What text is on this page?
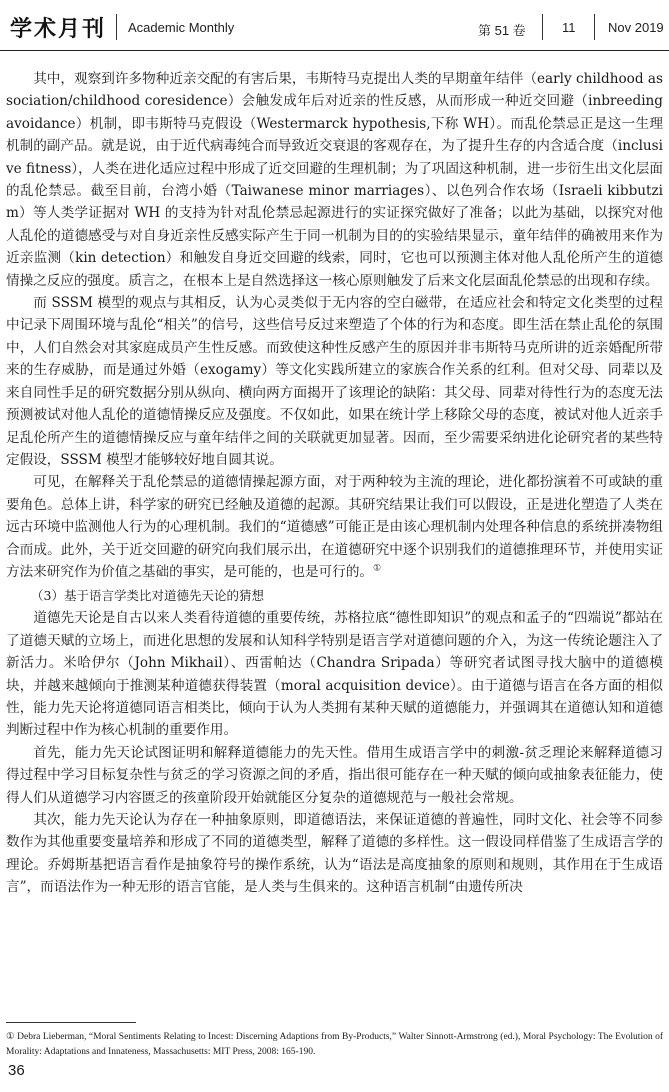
学术月刊 Academic Monthly	第 51 卷	11	Nov 2019

其中，观察到许多物种近亲交配的有害后果，韦斯特马克提出人类的早期童年结伴（early childhood association/childhood coresidence）会触发成年后对近亲的性反感，从而形成一种近交回避（inbreeding avoidance）机制，即韦斯特马克假设（Westermarck hypothesis,下称 WH）。而乱伦禁忌正是这一生理机制的副产品。就是说，由于近代病毒纯合而导致近交衰退的客观存在，为了提升生存的内含适合度（inclusive fitness），人类在进化适应过程中形成了近交回避的生理机制；为了巩固这种机制，进一步衍生出文化层面的乱伦禁忌。截至目前，台湾小婚（Taiwanese minor marriages）、以色列合作农场（Israeli kibbutzim）等人类学证据对 WH 的支持为针对乱伦禁忌起源进行的实证探究做好了准备；以此为基础，以探究对他人乱伦的道德感受与对自身近亲性反感实际产生于同一机制为目的的实验结果显示，童年结伴的确被用来作为近亲监测（kin detection）和触发自身近交回避的线索，同时，它也可以预测主体对他人乱伦所产生的道德情操之反应的强度。质言之，在根本上是自然选择这一核心原则触发了后来文化层面乱伦禁忌的出现和存续。

而 SSSM 模型的观点与其相反，认为心灵类似于无内容的空白磁带，在适应社会和特定文化类型的过程中记录下周围环境与乱伦“相关”的信号，这些信号反过来塑造了个体的行为和态度。即生活在禁止乱伦的氛围中，人们自然会对其家庭成员产生性反感。而致使这种性反感产生的原因并非韦斯特马克所讲的近亲婚配所带来的生存威胁，而是通过外婚（exogamy）等文化实践所建立的家族合作关系的红利。但对父母、同辈以及来自同性手足的研究数据分别从纵向、横向两方面揭开了该理论的缺陷：其父母、同辈对待性行为的态度无法预测被试对他人乱伦的道德情操反应及强度。不仅如此，如果在统计学上移除父母的态度，被试对他人近亲手足乱伦所产生的道德情操反应与童年结伴之间的关联就更加显著。因而，至少需要采纳进化论研究者的某些特定假设，SSSM 模型才能够较好地自圆其说。

可见，在解释关于乱伦禁忌的道德情操起源方面，对于两种较为主流的理论，进化都扮演着不可或缺的重要角色。总体上讲，科学家的研究已经触及道德的起源。其研究结果让我们可以假设，正是进化塑造了人类在远古环境中监测他人行为的心理机制。我们的“道德感”可能正是由该心理机制内处理各种信息的系统拼凑物组合而成。此外，关于近交回避的研究向我们展示出，在道德研究中逐个识别我们的道德推理环节，并使用实证方法来研究作为价值之基础的事实，是可能的，也是可行的。①

（3）基于语言学类比对道德先天论的猜想

道德先天论是自古以来人类看待道德的重要传统，苏格拉底“德性即知识”的观点和孟子的“四端说”都站在了道德天赋的立场上，而进化思想的发展和认知科学特别是语言学对道德问题的介入，为这一传统论题注入了新活力。米哈伊尔（John Mikhail）、西雷帕达（Chandra Sripada）等研究者试图寻找大脑中的道德模块，并越来越倾向于推测某种道德获得装置（moral acquisition device）。由于道德与语言在各方面的相似性，能力先天论将道德同语言相类比，倾向于认为人类拥有某种天赋的道德能力，并强调其在道德认知和道德判断过程中作为核心机制的重要作用。

首先，能力先天论试图证明和解释道德能力的先天性。借用生成语言学中的刺激-贫乏理论来解释道德习得过程中学习目标复杂性与贫乏的学习资源之间的矛盾，指出很可能存在一种天赋的倾向或抽象表征能力，使得人们从道德学习内容匮乏的孩童阶段开始就能区分复杂的道德规范与一般社会常规。

其次，能力先天论认为存在一种抽象原则，即道德语法，来保证道德的普遍性，同时文化、社会等不同参数作为其他重要变量培养和形成了不同的道德类型，解释了道德的多样性。这一假设同样借鉴了生成语言学的理论。乔姆斯基把语言看作是抽象符号的操作系统，认为“语法是高度抽象的原则和规则，其作用在于生成语言”，而语法作为一种无形的语言官能，是人类与生俱来的。这种语言机制“由遗传所决

① Debra Lieberman, “Moral Sentiments Relating to Incest: Discerning Adaptions from By-Products,” Walter Sinnott-Armstrong (ed.), Moral Psychology: The Evolution of Morality: Adaptations and Innateness, Massachusetts: MIT Press, 2008: 165-190.
36
